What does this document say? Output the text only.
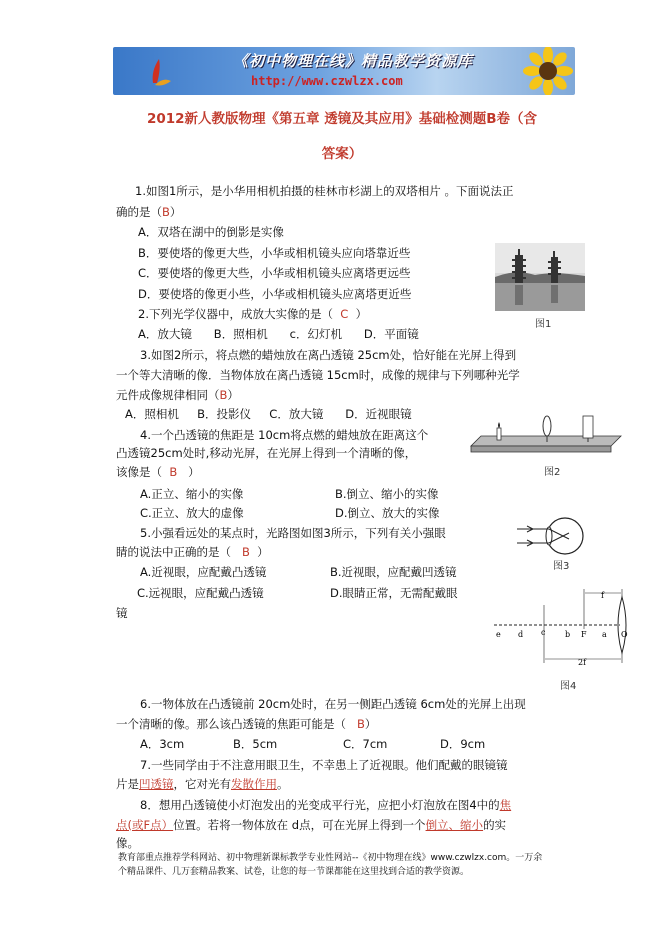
《初中物理在线》精品教学资源库
http://www.czwlzx.com
2012新人教版物理《第五章 透镜及其应用》基础检测题B卷（含
答案）
1.如图1所示，是小华用相机拍摄的桂林市杉湖上的双塔相片 。下面说法正
确的是（B）
A．双塔在湖中的倒影是实像
B．要使塔的像更大些，小华或相机镜头应向塔靠近些
C．要使塔的像更大些，小华或相机镜头应离塔更远些
D．要使塔的像更小些，小华或相机镜头应离塔更近些
图1
2.下列光学仪器中，成放大实像的是（ C ）
A．放大镜      B．照相机      c．幻灯机      D．平面镜
3.如图2所示，将点燃的蜡烛放在离凸透镜 25cm处，恰好能在光屏上得到
一个等大清晰的像．当物体放在离凸透镜 15cm时，成像的规律与下列哪种光学
元件成像规律相同（B）
A．照相机     B．投影仪     C．放大镜      D．近视眼镜
4.一个凸透镜的焦距是 10cm将点燃的蜡烛放在距离这个
凸透镜25cm处时,移动光屏，在光屏上得到一个清晰的像，
该像是（ B ）
A.正立、缩小的实像	B.倒立、缩小的实像
C.正立、放大的虚像	D.倒立、放大的实像
图2
5.小强看远处的某点时，光路图如图3所示，下列有关小强眼
睛的说法中正确的是（ B ）
A.近视眼，应配戴凸透镜	B.近视眼，应配戴凹透镜
C.远视眼，应配戴凸透镜	D.眼睛正常，无需配戴眼
镜
图3
f
2f
e d c b F a O
图4
6.一物体放在凸透镜前 20cm处时，在另一侧距凸透镜 6cm处的光屏上出现
一个清晰的像。那么该凸透镜的焦距可能是（ B）
A．3cm	B．5cm	C．7cm	D．9cm
7.一些同学由于不注意用眼卫生，不幸患上了近视眼。他们配戴的眼镜镜
片是凹透镜，它对光有发散作用。
8．想用凸透镜使小灯泡发出的光变成平行光，应把小灯泡放在图4中的焦
点(或F点）位置。若将一物体放在 d点，可在光屏上得到一个倒立、缩小的实
像。
教育部重点推荐学科网站、初中物理新课标教学专业性网站--《初中物理在线》www.czwlzx.com。一万余
个精品课件、几万套精品教案、试卷，让您的每一节课都能在这里找到合适的教学资源。
